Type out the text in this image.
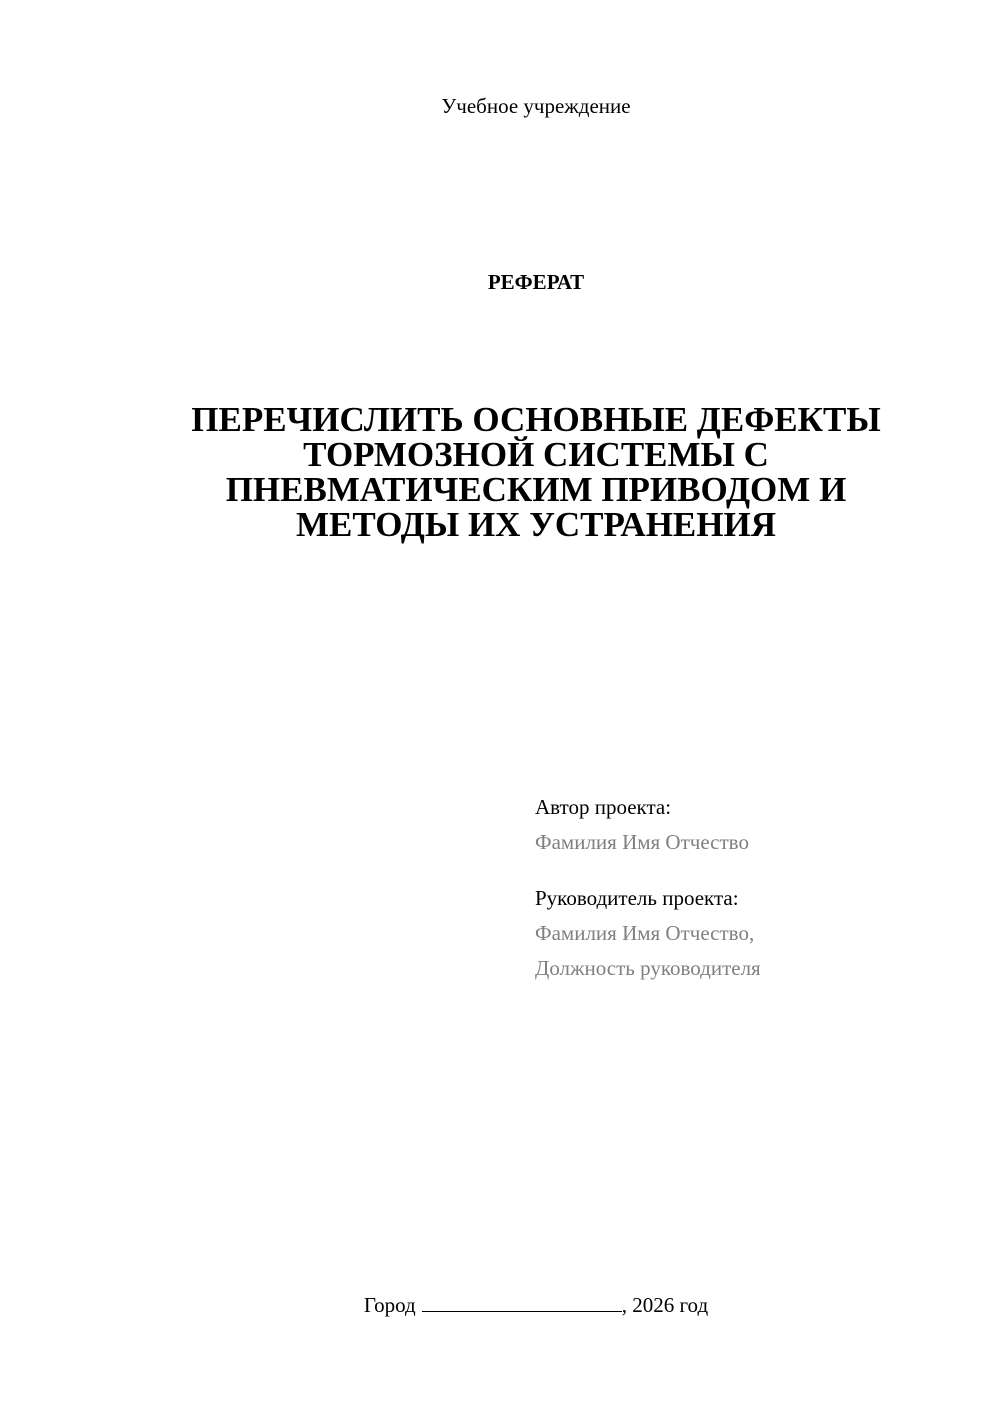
Учебное учреждение
РЕФЕРАТ
ПЕРЕЧИСЛИТЬ ОСНОВНЫЕ ДЕФЕКТЫ
ТОРМОЗНОЙ СИСТЕМЫ С
ПНЕВМАТИЧЕСКИМ ПРИВОДОМ И
МЕТОДЫ ИХ УСТРАНЕНИЯ
Автор проекта:
Фамилия Имя Отчество
Руководитель проекта:
Фамилия Имя Отчество,
Должность руководителя
Город	, 2026 год
